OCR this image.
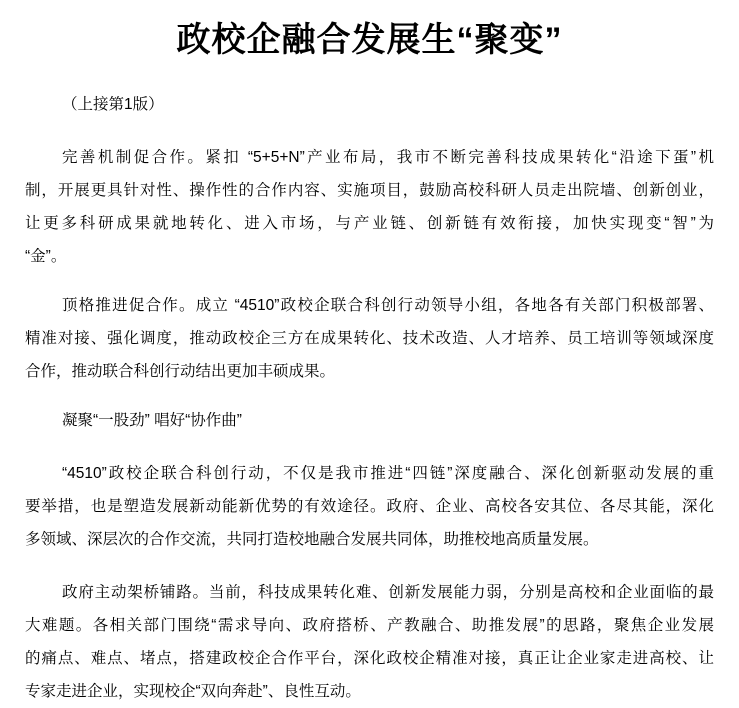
政校企融合发展生“聚变”
（上接第1版）
完善机制促合作。紧扣 “5+5+N”产业布局，我市不断完善科技成果转化“沿途下蛋”机
制，开展更具针对性、操作性的合作内容、实施项目，鼓励高校科研人员走出院墙、创新创业，
让更多科研成果就地转化、进入市场，与产业链、创新链有效衔接，加快实现变“智”为
“金”。
顶格推进促合作。成立 “4510”政校企联合科创行动领导小组，各地各有关部门积极部署、
精准对接、强化调度，推动政校企三方在成果转化、技术改造、人才培养、员工培训等领域深度
合作，推动联合科创行动结出更加丰硕成果。
凝聚“一股劲” 唱好“协作曲”
“4510”政校企联合科创行动，不仅是我市推进“四链”深度融合、深化创新驱动发展的重
要举措，也是塑造发展新动能新优势的有效途径。政府、企业、高校各安其位、各尽其能，深化
多领域、深层次的合作交流，共同打造校地融合发展共同体，助推校地高质量发展。
政府主动架桥铺路。当前，科技成果转化难、创新发展能力弱，分别是高校和企业面临的最
大难题。各相关部门围绕“需求导向、政府搭桥、产教融合、助推发展”的思路，聚焦企业发展
的痛点、难点、堵点，搭建政校企合作平台，深化政校企精准对接，真正让企业家走进高校、让
专家走进企业，实现校企“双向奔赴”、良性互动。
